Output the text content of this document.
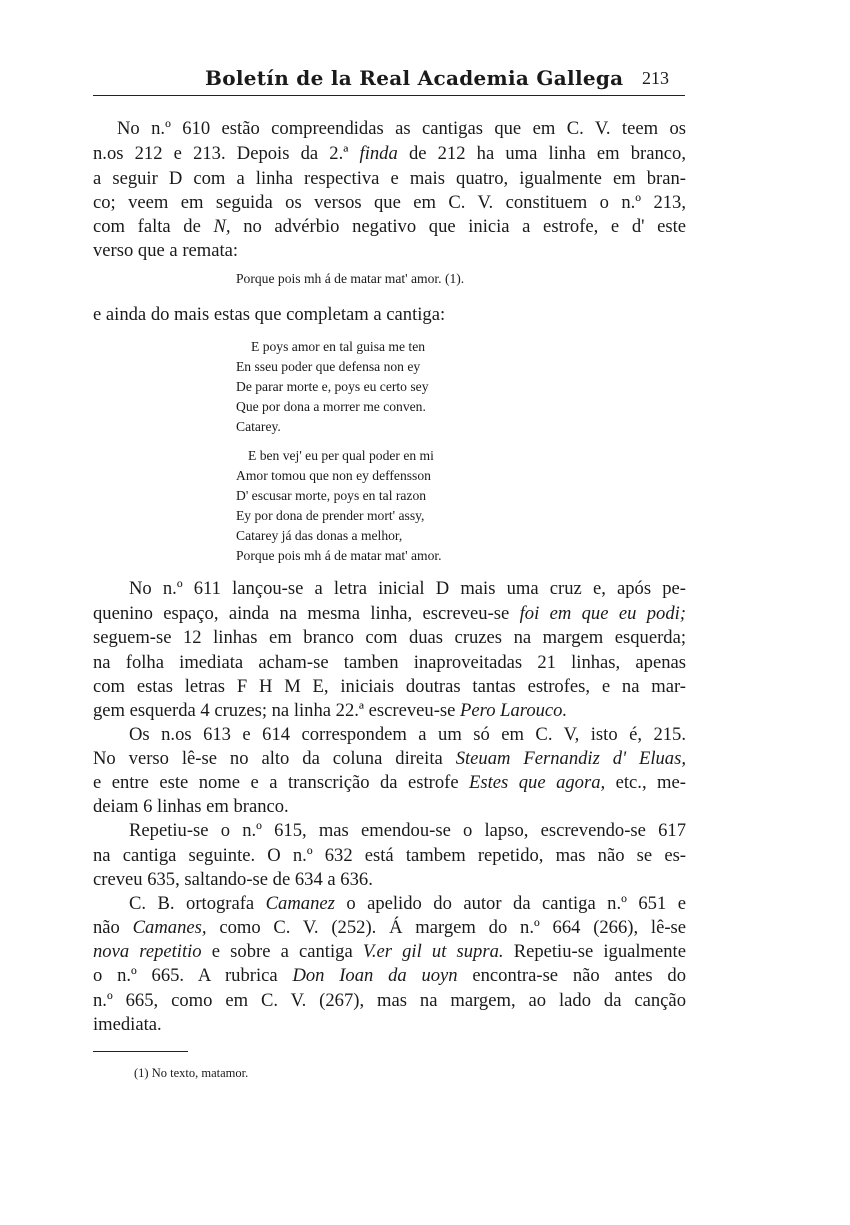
Boletín de la Real Academia Gallega 213

No n.º 610 estão compreendidas as cantigas que em C. V. teem os

n.os 212 e 213. Depois da 2.ª finda de 212 ha uma linha em branco,

a seguir D com a linha respectiva e mais quatro, igualmente em bran-

co; veem em seguida os versos que em C. V. constituem o n.º 213,

com falta de N, no advérbio negativo que inicia a estrofe, e d' este

verso que a remata:

Porque pois mh á de matar mat' amor. (1).

e ainda do mais estas que completam a cantiga:

E poys amor en tal guisa me ten

En sseu poder que defensa non ey

De parar morte e, poys eu certo sey

Que por dona a morrer me conven.

Catarey.

E ben vej' eu per qual poder en mi

Amor tomou que non ey deffensson

D' escusar morte, poys en tal razon

Ey por dona de prender mort' assy,

Catarey já das donas a melhor,

Porque pois mh á de matar mat' amor.

No n.º 611 lançou-se a letra inicial D mais uma cruz e, após pe-

quenino espaço, ainda na mesma linha, escreveu-se foi em que eu podi;

seguem-se 12 linhas em branco com duas cruzes na margem esquerda;

na folha imediata acham-se tamben inaproveitadas 21 linhas, apenas

com estas letras F H M E, iniciais doutras tantas estrofes, e na mar-

gem esquerda 4 cruzes; na linha 22.ª escreveu-se Pero Larouco.

Os n.os 613 e 614 correspondem a um só em C. V, isto é, 215.

No verso lê-se no alto da coluna direita Steuam Fernandiz d' Eluas,

e entre este nome e a transcrição da estrofe Estes que agora, etc., me-

deiam 6 linhas em branco.

Repetiu-se o n.º 615, mas emendou-se o lapso, escrevendo-se 617

na cantiga seguinte. O n.º 632 está tambem repetido, mas não se es-

creveu 635, saltando-se de 634 a 636.

C. B. ortografa Camanez o apelido do autor da cantiga n.º 651 e

não Camanes, como C. V. (252). Á margem do n.º 664 (266), lê-se

nova repetitio e sobre a cantiga V.er gil ut supra. Repetiu-se igualmente

o n.º 665. A rubrica Don Ioan da uoyn encontra-se não antes do

n.º 665, como em C. V. (267), mas na margem, ao lado da canção

imediata.

(1) No texto, matamor.
